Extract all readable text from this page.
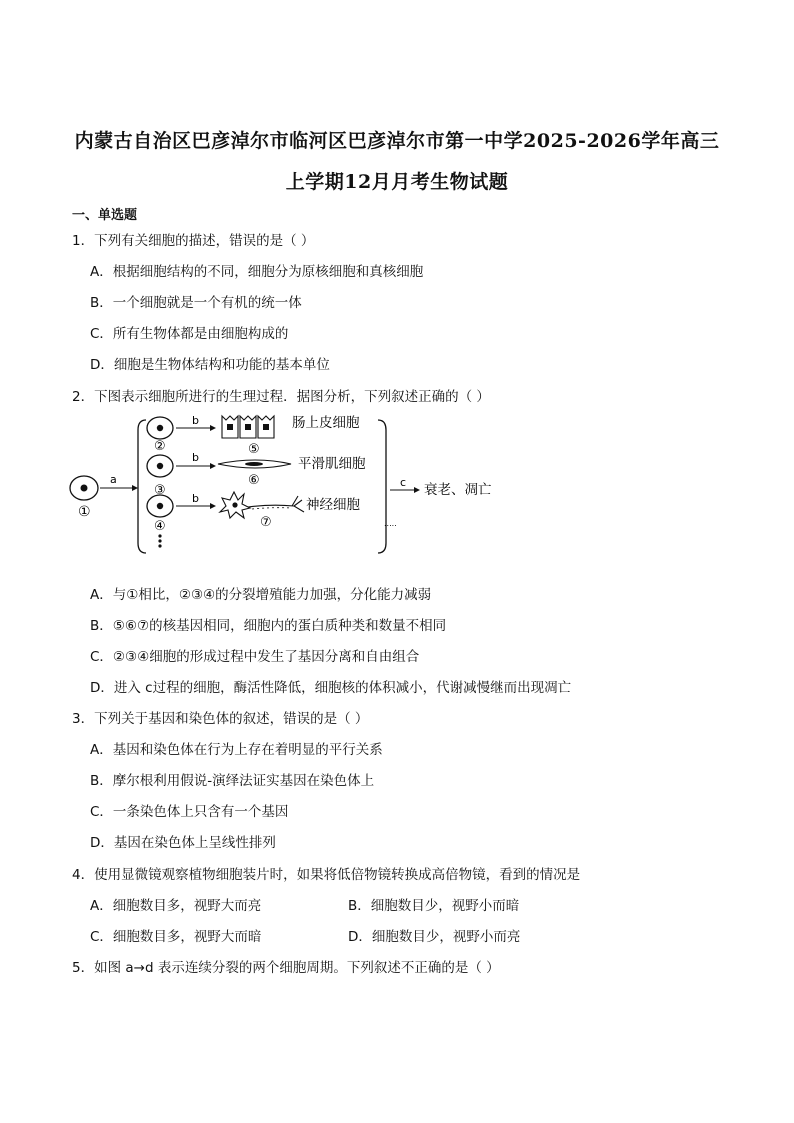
内蒙古自治区巴彦淖尔市临河区巴彦淖尔市第一中学2025-2026学年高三
上学期12月月考生物试题
一、单选题
1．下列有关细胞的描述，错误的是（ ）
A．根据细胞结构的不同，细胞分为原核细胞和真核细胞
B．一个细胞就是一个有机的统一体
C．所有生物体都是由细胞构成的
D．细胞是生物体结构和功能的基本单位
2．下图表示细胞所进行的生理过程．据图分析，下列叙述正确的（ ）
①
a
②
③
④
b
b
b
⑤
肠上皮细胞
⑥
平滑肌细胞
⑦
神经细胞
.....
c 衰老、凋亡
A．与①相比，②③④的分裂增殖能力加强，分化能力减弱
B．⑤⑥⑦的核基因相同，细胞内的蛋白质种类和数量不相同
C．②③④细胞的形成过程中发生了基因分离和自由组合
D．进入 c过程的细胞，酶活性降低，细胞核的体积减小，代谢减慢继而出现凋亡
3．下列关于基因和染色体的叙述，错误的是（ ）
A．基因和染色体在行为上存在着明显的平行关系
B．摩尔根利用假说-演绎法证实基因在染色体上
C．一条染色体上只含有一个基因
D．基因在染色体上呈线性排列
4．使用显微镜观察植物细胞装片时，如果将低倍物镜转换成高倍物镜，看到的情况是
A．细胞数目多，视野大而亮	B．细胞数目少，视野小而暗
C．细胞数目多，视野大而暗	D．细胞数目少，视野小而亮
5．如图 a→d 表示连续分裂的两个细胞周期。下列叙述不正确的是（ ）
